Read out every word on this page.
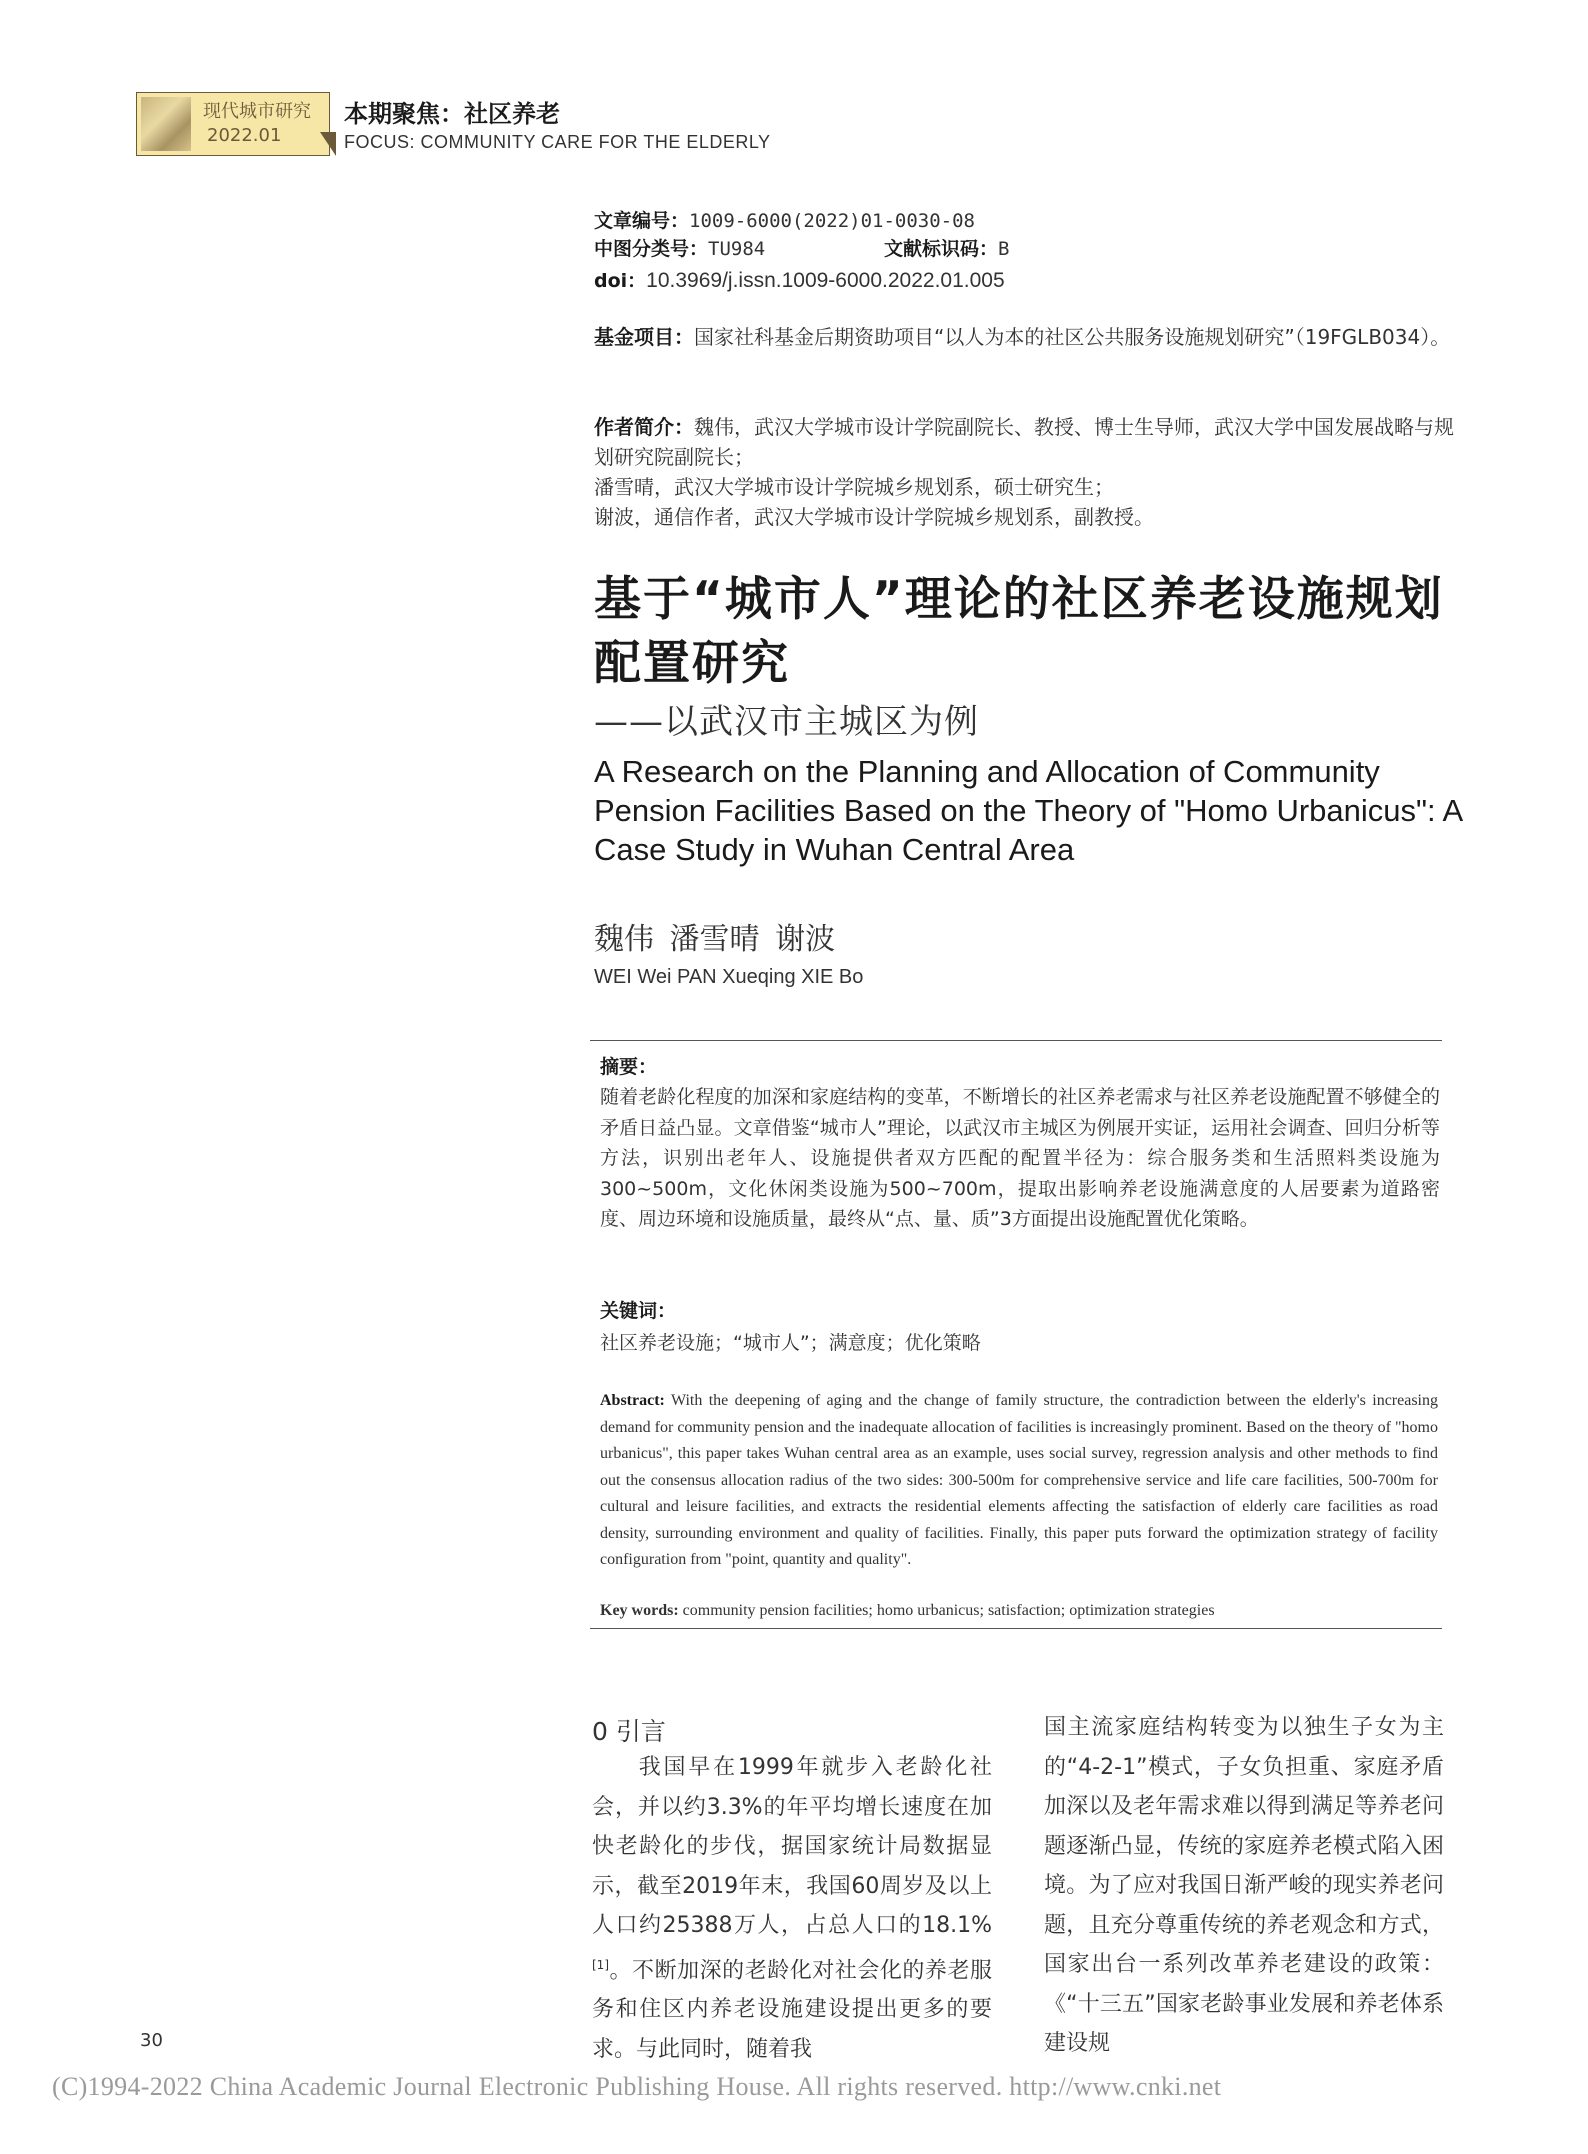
现代城市研究
2022.01
本期聚焦：社区养老
FOCUS: COMMUNITY CARE FOR THE ELDERLY
文章编号：1009-6000(2022)01-0030-08
中图分类号：TU984	文献标识码：B
doi：10.3969/j.issn.1009-6000.2022.01.005
基金项目：国家社科基金后期资助项目“以人为本的社区公共服务设施规划研究”（19FGLB034）。
作者简介：魏伟，武汉大学城市设计学院副院长、教授、博士生导师，武汉大学中国发展战略与规划研究院副院长；
潘雪晴，武汉大学城市设计学院城乡规划系，硕士研究生；
谢波，通信作者，武汉大学城市设计学院城乡规划系，副教授。
基于“城市人”理论的社区养老设施规划配置研究
——以武汉市主城区为例
A Research on the Planning and Allocation of Community Pension Facilities Based on the Theory of "Homo Urbanicus": A Case Study in Wuhan Central Area
魏伟 潘雪晴 谢波
WEI Wei PAN Xueqing XIE Bo
摘要：
随着老龄化程度的加深和家庭结构的变革，不断增长的社区养老需求与社区养老设施配置不够健全的矛盾日益凸显。文章借鉴“城市人”理论，以武汉市主城区为例展开实证，运用社会调查、回归分析等方法，识别出老年人、设施提供者双方匹配的配置半径为：综合服务类和生活照料类设施为300~500m，文化休闲类设施为500~700m，提取出影响养老设施满意度的人居要素为道路密度、周边环境和设施质量，最终从“点、量、质”3方面提出设施配置优化策略。
关键词：
社区养老设施；“城市人”；满意度；优化策略
Abstract: With the deepening of aging and the change of family structure, the contradiction between the elderly's increasing demand for community pension and the inadequate allocation of facilities is increasingly prominent. Based on the theory of "homo urbanicus", this paper takes Wuhan central area as an example, uses social survey, regression analysis and other methods to find out the consensus allocation radius of the two sides: 300-500m for comprehensive service and life care facilities, 500-700m for cultural and leisure facilities, and extracts the residential elements affecting the satisfaction of elderly care facilities as road density, surrounding environment and quality of facilities. Finally, this paper puts forward the optimization strategy of facility configuration from "point, quantity and quality".
Key words: community pension facilities; homo urbanicus; satisfaction; optimization strategies
0 引言
我国早在1999年就步入老龄化社会，并以约3.3%的年平均增长速度在加快老龄化的步伐，据国家统计局数据显示，截至2019年末，我国60周岁及以上人口约25388万人，占总人口的18.1%[1]。不断加深的老龄化对社会化的养老服务和住区内养老设施建设提出更多的要求。与此同时，随着我
国主流家庭结构转变为以独生子女为主的“4-2-1”模式，子女负担重、家庭矛盾加深以及老年需求难以得到满足等养老问题逐渐凸显，传统的家庭养老模式陷入困境。为了应对我国日渐严峻的现实养老问题，且充分尊重传统的养老观念和方式，国家出台一系列改革养老建设的政策：《“十三五”国家老龄事业发展和养老体系建设规
30
(C)1994-2022 China Academic Journal Electronic Publishing House. All rights reserved. http://www.cnki.net
